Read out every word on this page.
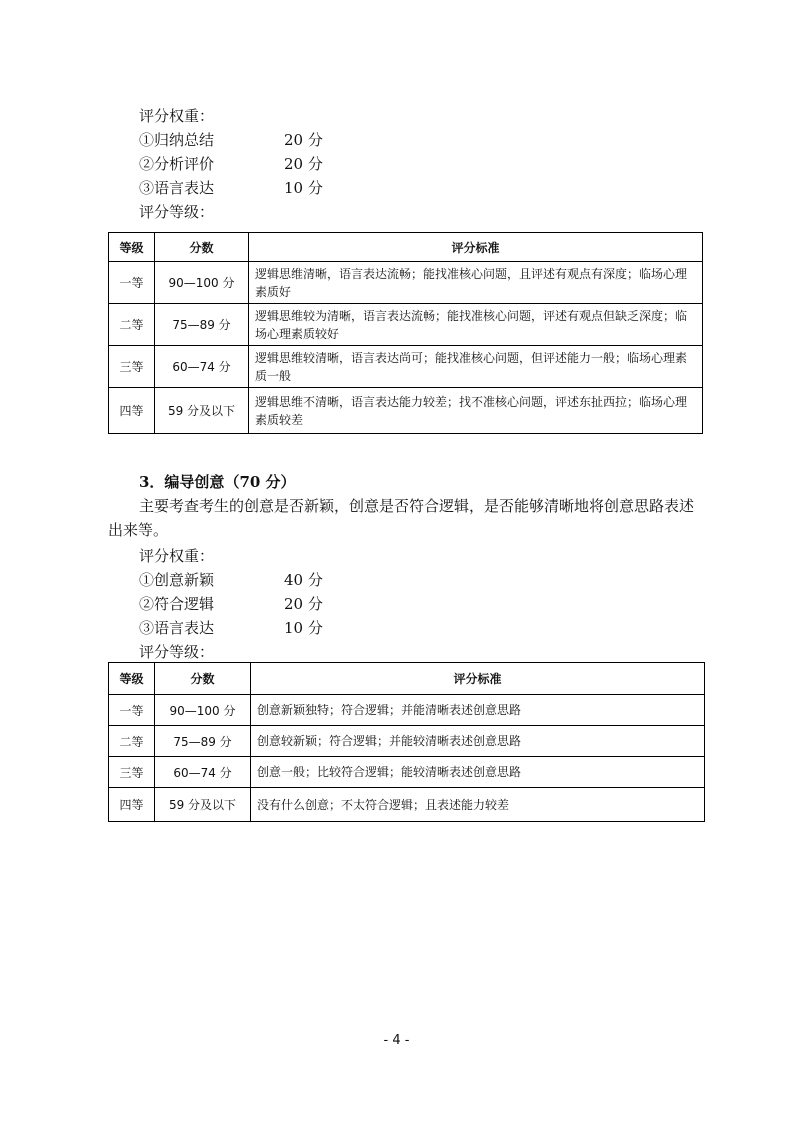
评分权重：
①归纳总结	20 分
②分析评价	20 分
③语言表达	10 分
评分等级：
等级	分数	评分标准
一等	90—100 分	逻辑思维清晰，语言表达流畅；能找准核心问题，且评述有观点有深度；临场心理素质好
二等	75—89 分	逻辑思维较为清晰，语言表达流畅；能找准核心问题，评述有观点但缺乏深度；临场心理素质较好
三等	60—74 分	逻辑思维较清晰，语言表达尚可；能找准核心问题，但评述能力一般；临场心理素质一般
四等	59 分及以下	逻辑思维不清晰，语言表达能力较差；找不准核心问题，评述东扯西拉；临场心理素质较差
3．编导创意（70 分）
主要考查考生的创意是否新颖，创意是否符合逻辑，是否能够清晰地将创意思路表述出来等。
评分权重：
①创意新颖	40 分
②符合逻辑	20 分
③语言表达	10 分
评分等级：
等级	分数	评分标准
一等	90—100 分	创意新颖独特；符合逻辑；并能清晰表述创意思路
二等	75—89 分	创意较新颖；符合逻辑；并能较清晰表述创意思路
三等	60—74 分	创意一般；比较符合逻辑；能较清晰表述创意思路
四等	59 分及以下	没有什么创意；不太符合逻辑；且表述能力较差
- 4 -
